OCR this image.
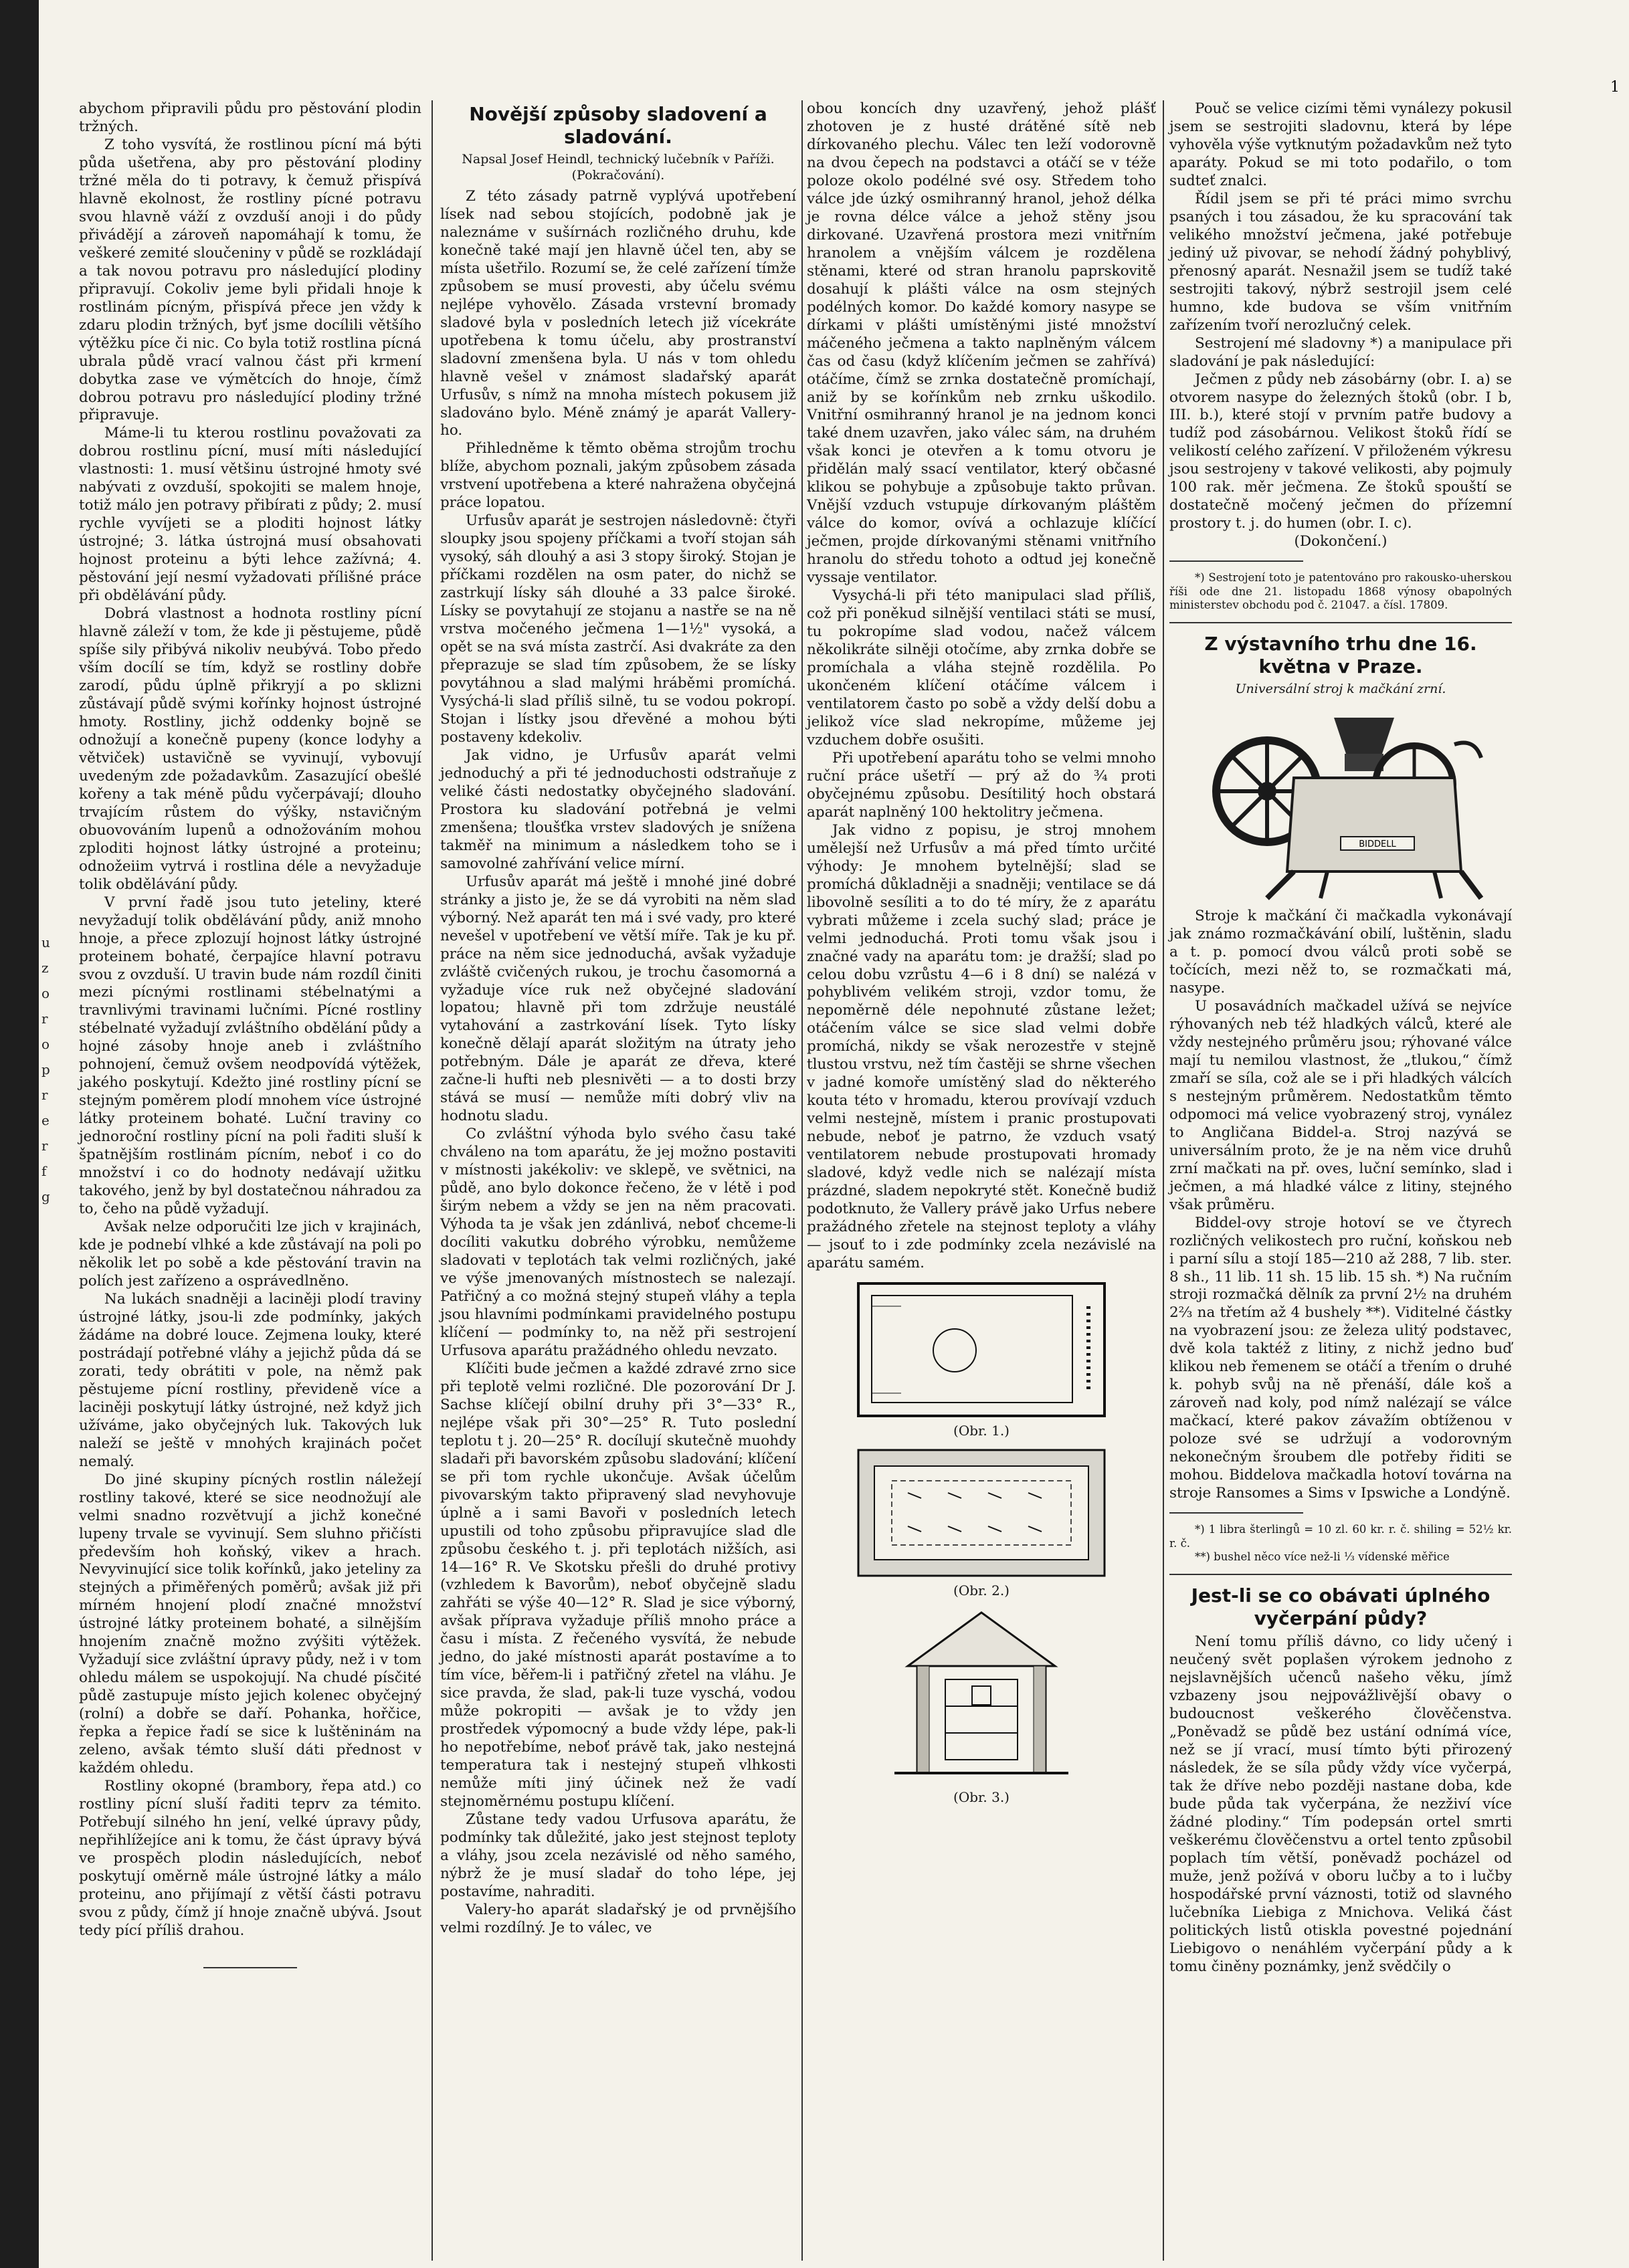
u z o r o p r e r f g
1

abychom připravili půdu pro pěstování plodin tržných.

Z toho vysvítá, že rostlinou pícní má býti půda ušetřena, aby pro pěstování plodiny tržné měla do ti potravy, k čemuž přispívá hlavně ekolnost, že rostliny pícné potravu svou hlavně váží z ovzduší anoji i do půdy přivádějí a zároveň napomáhají k tomu, že veškeré zemité sloučeniny v půdě se rozkládají a tak novou potravu pro následující plodiny připravují. Cokoliv jeme byli přidali hnoje k rostlinám pícným, přispívá přece jen vždy k zdaru plodin tržných, byť jsme docílili většího výtěžku píce či nic. Co byla totiž rostlina pícná ubrala půdě vrací valnou část při krmení dobytka zase ve výmětcích do hnoje, čímž dobrou potravu pro následující plodiny tržné připravuje.

Máme-li tu kterou rostlinu považovati za dobrou rostlinu pícní, musí míti následující vlastnosti: 1. musí většinu ústrojné hmoty své nabývati z ovzduší, spokojiti se malem hnoje, totiž málo jen potravy přibírati z půdy; 2. musí rychle vyvíjeti se a ploditi hojnost látky ústrojné; 3. látka ústrojná musí obsahovati hojnost proteinu a býti lehce zažívná; 4. pěstování její nesmí vyžadovati přílišné práce při obdělávání půdy.

Dobrá vlastnost a hodnota rostliny pícní hlavně záleží v tom, že kde ji pěstujeme, půdě spíše sily přibývá nikoliv neubývá. Tobo předo vším docílí se tím, když se rostliny dobře zarodí, půdu úplně přikryjí a po sklizni zůstávají půdě svými kořínky hojnost ústrojné hmoty. Rostliny, jichž oddenky bojně se odnožují a konečně pupeny (konce lodyhy a větviček) ustavičně se vyvinují, vybovují uvedeným zde požadavkům. Zasazující obešlé kořeny a tak méně půdu vyčerpávají; dlouho trvajícím růstem do výšky, nstavičným obuovováním lupenů a odnožováním mohou zploditi hojnost látky ústrojné a proteinu; odnožeiim vytrvá i rostlina déle a nevyžaduje tolik obdělávání půdy.

V první řadě jsou tuto jeteliny, které nevyžadují tolik obdělávání půdy, aniž mnoho hnoje, a přece zplozují hojnost látky ústrojné proteinem bohaté, čerpajíce hlavní potravu svou z ovzduší. U travin bude nám rozdíl činiti mezi pícnými rostlinami stébelnatými a travnlivými travinami lučními. Pícné rostliny stébelnaté vyžadují zvláštního obdělání půdy a hojné zásoby hnoje aneb i zvláštního pohnojení, čemuž ovšem neodpovídá výtěžek, jakého poskytují. Kdežto jiné rostliny pícní se stejným poměrem plodí mnohem více ústrojné látky proteinem bohaté. Luční traviny co jednoroční rostliny pícní na poli řaditi sluší k špatnějším rostlinám pícním, neboť i co do množství i co do hodnoty nedávají užitku takového, jenž by byl dostatečnou náhradou za to, čeho na půdě vyžadují.

Avšak nelze odporučiti lze jich v krajinách, kde je podnebí vlhké a kde zůstávají na poli po několik let po sobě a kde pěstování travin na polích jest zařízeno a osprávedlněno.

Na lukách snadněji a laciněji plodí traviny ústrojné látky, jsou-li zde podmínky, jakých žádáme na dobré louce. Zejmena louky, které postrádají potřebné vláhy a jejichž půda dá se zorati, tedy obrátiti v pole, na němž pak pěstujeme pícní rostliny, převideně více a laciněji poskytují látky ústrojné, než když jich užíváme, jako obyčejných luk. Takových luk naleží se ještě v mnohých krajinách počet nemalý.

Do jiné skupiny pícných rostlin náležejí rostliny takové, které se sice neodnožují ale velmi snadno rozvětvují a jichž konečné lupeny trvale se vyvinují. Sem sluhno přičísti především hoh koňský, vikev a hrach. Nevyvinující sice tolik kořínků, jako jeteliny za stejných a přiměřených poměrů; avšak již při mírném hnojení plodí značné množství ústrojné látky proteinem bohaté, a silnějším hnojením značně možno zvýšiti výtěžek. Vyžadují sice zvláštní úpravy půdy, než i v tom ohledu málem se uspokojují. Na chudé písčité půdě zastupuje místo jejich kolenec obyčejný (rolní) a dobře se daří. Pohanka, hořčice, řepka a řepice řadí se sice k luštěninám na zeleno, avšak témto sluší dáti přednost v každém ohledu.

Rostliny okopné (brambory, řepa atd.) co rostliny pícní sluší řaditi teprv za témito. Potřebují silného hn jení, velké úpravy půdy, nepřihlížejíce ani k tomu, že část úpravy bývá ve prospěch plodin následujících, neboť poskytují oměrně mále ústrojné látky a málo proteinu, ano přijímají z větší části potravu svou z půdy, čímž jí hnoje značně ubývá. Jsout tedy pící příliš drahou.

Novější způsoby sladovení a sladování.
Napsal Josef Heindl, technický lučebník v Paříži. (Pokračování).

Z této zásady patrně vyplývá upotřebení lísek nad sebou stojících, podobně jak je naleznáme v sušírnách rozličného druhu, kde konečně také mají jen hlavně účel ten, aby se místa ušetřilo. Rozumí se, že celé zařízení tímže způsobem se musí provesti, aby účelu svému nejlépe vyhovělo. Zásada vrstevní bromady sladové byla v posledních letech již vícekráte upotřebena k tomu účelu, aby prostranství sladovní zmenšena byla. U nás v tom ohledu hlavně vešel v známost sladařský aparát Urfusův, s nímž na mnoha místech pokusem již sladováno bylo. Méně známý je aparát Vallery-ho.

Přihledněme k těmto oběma strojům trochu blíže, abychom poznali, jakým způsobem zásada vrstvení upotřebena a které nahražena obyčejná práce lopatou.

Urfusův aparát je sestrojen následovně: čtyři sloupky jsou spojeny příčkami a tvoří stojan sáh vysoký, sáh dlouhý a asi 3 stopy široký. Stojan je příčkami rozdělen na osm pater, do nichž se zastrkují lísky sáh dlouhé a 33 palce široké. Lísky se povytahují ze stojanu a nastře se na ně vrstva močeného ječmena 1—1½" vysoká, a opět se na svá místa zastrčí. Asi dvakráte za den přeprazuje se slad tím způsobem, že se lísky povytáhnou a slad malými hráběmi promíchá. Vysýchá-li slad příliš silně, tu se vodou pokropí. Stojan i lístky jsou dřevěné a mohou býti postaveny kdekoliv.

Jak vidno, je Urfusův aparát velmi jednoduchý a při té jednoduchosti odstraňuje z veliké části nedostatky obyčejného sladování. Prostora ku sladování potřebná je velmi zmenšena; tloušťka vrstev sladových je snížena takměř na minimum a následkem toho se i samovolné zahřívání velice mírní.

Urfusův aparát má ještě i mnohé jiné dobré stránky a jisto je, že se dá vyrobiti na něm slad výborný. Než aparát ten má i své vady, pro které nevešel v upotřebení ve větší míře. Tak je ku př. práce na něm sice jednoduchá, avšak vyžaduje zvláště cvičených rukou, je trochu časomorná a vyžaduje více ruk než obyčejné sladování lopatou; hlavně při tom zdržuje neustálé vytahování a zastrkování lísek. Tyto lísky konečně dělají aparát složitým na útraty jeho potřebným. Dále je aparát ze dřeva, které začne-li hufti neb plesnivěti — a to dosti brzy stává se musí — nemůže míti dobrý vliv na hodnotu sladu.

Co zvláštní výhoda bylo svého času také chváleno na tom aparátu, že jej možno postaviti v místnosti jakékoliv: ve sklepě, ve světnici, na půdě, ano bylo dokonce řečeno, že v létě i pod širým nebem a vždy se jen na něm pracovati. Výhoda ta je však jen zdánlivá, neboť chceme-li docíliti vakutku dobrého výrobku, nemůžeme sladovati v teplotách tak velmi rozličných, jaké ve výše jmenovaných místnostech se nalezají. Patřičný a co možná stejný stupeň vláhy a tepla jsou hlavními podmínkami pravidelného postupu klíčení — podmínky to, na něž při sestrojení Urfusova aparátu pražádného ohledu nevzato.

Klíčiti bude ječmen a každé zdravé zrno sice při teplotě velmi rozličné. Dle pozorování Dr J. Sachse klíčejí obilní druhy při 3°—33° R., nejlépe však při 30°—25° R. Tuto poslední teplotu t j. 20—25° R. docílují skutečně muohdy sladaři při bavorském způsobu sladování; klíčení se při tom rychle ukončuje. Avšak účelům pivovarským takto připravený slad nevyhovuje úplně a i sami Bavoři v posledních letech upustili od toho způsobu připravujíce slad dle způsobu českého t. j. při teplotách nižších, asi 14—16° R. Ve Skotsku přešli do druhé protivy (vzhledem k Bavorům), neboť obyčejně sladu zahřáti se výše 40—12° R. Slad je sice výborný, avšak příprava vyžaduje příliš mnoho práce a času i místa. Z řečeného vysvítá, že nebude jedno, do jaké místnosti aparát postavíme a to tím více, běřem-li i patřičný zřetel na vláhu. Je sice pravda, že slad, pak-li tuze vyschá, vodou může pokropiti — avšak je to vždy jen prostředek výpomocný a bude vždy lépe, pak-li ho nepotřebíme, neboť právě tak, jako nestejná temperatura tak i nestejný stupeň vlhkosti nemůže míti jiný účinek než že vadí stejnoměrnému postupu klíčení.

Zůstane tedy vadou Urfusova aparátu, že podmínky tak důležité, jako jest stejnost teploty a vláhy, jsou zcela nezávislé od něho samého, nýbrž že je musí sladař do toho lépe, jej postavíme, nahraditi.

Valery-ho aparát sladařský je od prvnějšího velmi rozdílný. Je to válec, ve

obou koncích dny uzavřený, jehož plášť zhotoven je z husté drátěné sítě neb dírkovaného plechu. Válec ten leží vodorovně na dvou čepech na podstavci a otáčí se v téže poloze okolo podélné své osy. Středem toho válce jde úzký osmihranný hranol, jehož délka je rovna délce válce a jehož stěny jsou dirkované. Uzavřená prostora mezi vnitřním hranolem a vnějším válcem je rozdělena stěnami, které od stran hranolu paprskovitě dosahují k plášti válce na osm stejných podélných komor. Do každé komory nasype se dírkami v plášti umístěnými jisté množství máčeného ječmena a takto naplněným válcem čas od času (když klíčením ječmen se zahřívá) otáčíme, čímž se zrnka dostatečně promíchají, aniž by se kořínkům neb zrnku uškodilo. Vnitřní osmihranný hranol je na jednom konci také dnem uzavřen, jako válec sám, na druhém však konci je otevřen a k tomu otvoru je přidělán malý ssací ventilator, který občasné klikou se pohybuje a způsobuje takto průvan. Vnější vzduch vstupuje dírkovaným pláštěm válce do komor, ovívá a ochlazuje klíčící ječmen, projde dírkovanými stěnami vnitřního hranolu do středu tohoto a odtud jej konečně vyssaje ventilator.

Vysychá-li při této manipulaci slad příliš, což při poněkud silnější ventilaci státi se musí, tu pokropíme slad vodou, načež válcem několikráte silněji otočíme, aby zrnka dobře se promíchala a vláha stejně rozdělila. Po ukončeném klíčení otáčíme válcem i ventilatorem často po sobě a vždy delší dobu a jelikož více slad nekropíme, můžeme jej vzduchem dobře osušiti.

Při upotřebení aparátu toho se velmi mnoho ruční práce ušetří — prý až do ¾ proti obyčejnému způsobu. Desítilitý hoch obstará aparát naplněný 100 hektolitry ječmena.

Jak vidno z popisu, je stroj mnohem umělejší než Urfusův a má před tímto určité výhody: Je mnohem bytelnější; slad se promíchá důkladněji a snadněji; ventilace se dá libovolně sesíliti a to do té míry, že z aparátu vybrati můžeme i zcela suchý slad; práce je velmi jednoduchá. Proti tomu však jsou i značné vady na aparátu tom: je dražší; slad po celou dobu vzrůstu 4—6 i 8 dní) se nalézá v pohyblivém velikém stroji, vzdor tomu, že nepoměrně déle nepohnuté zůstane ležet; otáčením válce se sice slad velmi dobře promíchá, nikdy se však nerozestře v stejně tlustou vrstvu, než tím častěji se shrne všechen v jadné komoře umístěný slad do některého kouta této v hromadu, kterou provívají vzduch velmi nestejně, místem i pranic prostupovati nebude, neboť je patrno, že vzduch vsatý ventilatorem nebude prostupovati hromady sladové, když vedle nich se nalézají místa prázdné, sladem nepokryté stět. Konečně budiž podotknuto, že Vallery právě jako Urfus nebere pražádného zřetele na stejnost teploty a vláhy — jsouť to i zde podmínky zcela nezávislé na aparátu samém.

(Obr. 1.)
(Obr. 2.)
(Obr. 3.)

Pouč se velice cizími těmi vynálezy pokusil jsem se sestrojiti sladovnu, která by lépe vyhověla výše vytknutým požadavkům než tyto aparáty. Pokud se mi toto podařilo, o tom sudteť znalci.

Řídil jsem se při té práci mimo svrchu psaných i tou zásadou, že ku spracování tak velikého množství ječmena, jaké potřebuje jediný už pivovar, se nehodí žádný pohyblivý, přenosný aparát. Nesnažil jsem se tudíž také sestrojiti takový, nýbrž sestrojil jsem celé humno, kde budova se vším vnitřním zařízením tvoří nerozlučný celek.

Sestrojení mé sladovny *) a manipulace při sladování je pak následující:

Ječmen z půdy neb zásobárny (obr. I. a) se otvorem nasype do železných štoků (obr. I b, III. b.), které stojí v prvním patře budovy a tudíž pod zásobárnou. Velikost štoků řídí se velikostí celého zařízení. V přiloženém výkresu jsou sestrojeny v takové velikosti, aby pojmuly 100 rak. měr ječmena. Ze štoků spouští se dostatečně močený ječmen do přízemní prostory t. j. do humen (obr. I. c).

(Dokončení.)

*) Sestrojení toto je patentováno pro rakousko-uherskou říši ode dne 21. listopadu 1868 výnosy obapolných ministerstev obchodu pod č. 21047. a čísl. 17809.

Z výstavního trhu dne 16. května v Praze.
Universální stroj k mačkání zrní.
BIDDELL

Stroje k mačkání či mačkadla vykonávají jak známo rozmačkávání obilí, luštěnin, sladu a t. p. pomocí dvou válců proti sobě se točících, mezi něž to, se rozmačkati má, nasype.

U posavádních mačkadel užívá se nejvíce rýhovaných neb též hladkých válců, které ale vždy nestejného průměru jsou; rýhované válce mají tu nemilou vlastnost, že „tlukou,“ čímž zmaří se síla, což ale se i při hladkých válcích s nestejným průměrem. Nedostatkům těmto odpomoci má velice vyobrazený stroj, vynález to Angličana Biddel-a. Stroj nazývá se universálním proto, že je na něm vice druhů zrní mačkati na př. oves, luční semínko, slad i ječmen, a má hladké válce z litiny, stejného však průměru.

Biddel-ovy stroje hotoví se ve čtyrech rozličných velikostech pro ruční, koňskou neb i parní sílu a stojí 185—210 až 288, 7 lib. ster. 8 sh., 11 lib. 11 sh. 15 lib. 15 sh. *) Na ručním stroji rozmačká dělník za první 2½ na druhém 2⅔ na třetím až 4 bushely **). Viditelné částky na vyobrazení jsou: ze železa ulitý podstavec, dvě kola taktéž z litiny, z nichž jedno buď klikou neb řemenem se otáčí a třením o druhé k. pohyb svůj na ně přenáší, dále koš a zároveň nad koly, pod nímž nalézají se válce mačkací, které pakov závažím obtíženou v poloze své se udržují a vodorovným nekonečným šroubem dle potřeby řiditi se mohou. Biddelova mačkadla hotoví továrna na stroje Ransomes a Sims v Ipswiche a Londýně.

*) 1 libra šterlingů = 10 zl. 60 kr. r. č. shiling = 52½ kr. r. č.

**) bushel něco více než-li ⅓ vídenské měřice

Jest-li se co obávati úplného vyčerpání půdy?

Není tomu příliš dávno, co lidy učený i neučený svět poplašen výrokem jednoho z nejslavnějších učenců našeho věku, jímž vzbazeny jsou nejpovážlivější obavy o budoucnost veškerého člověčenstva. „Poněvadž se půdě bez ustání odnímá více, než se jí vrací, musí tímto býti přirozený následek, že se síla půdy vždy více vyčerpá, tak že dříve nebo později nastane doba, kde bude půda tak vyčerpána, že nezživí více žádné plodiny.“ Tím podepsán ortel smrti veškerému člověčenstvu a ortel tento způsobil poplach tím větší, poněvadž pocházel od muže, jenž požívá v oboru lučby a to i lučby hospodářské první váznosti, totiž od slavného lučebníka Liebiga z Mnichova. Veliká část politických listů otiskla povestné pojednání Liebigovo o nenáhlém vyčerpání půdy a k tomu činěny poznámky, jenž svědčily o
